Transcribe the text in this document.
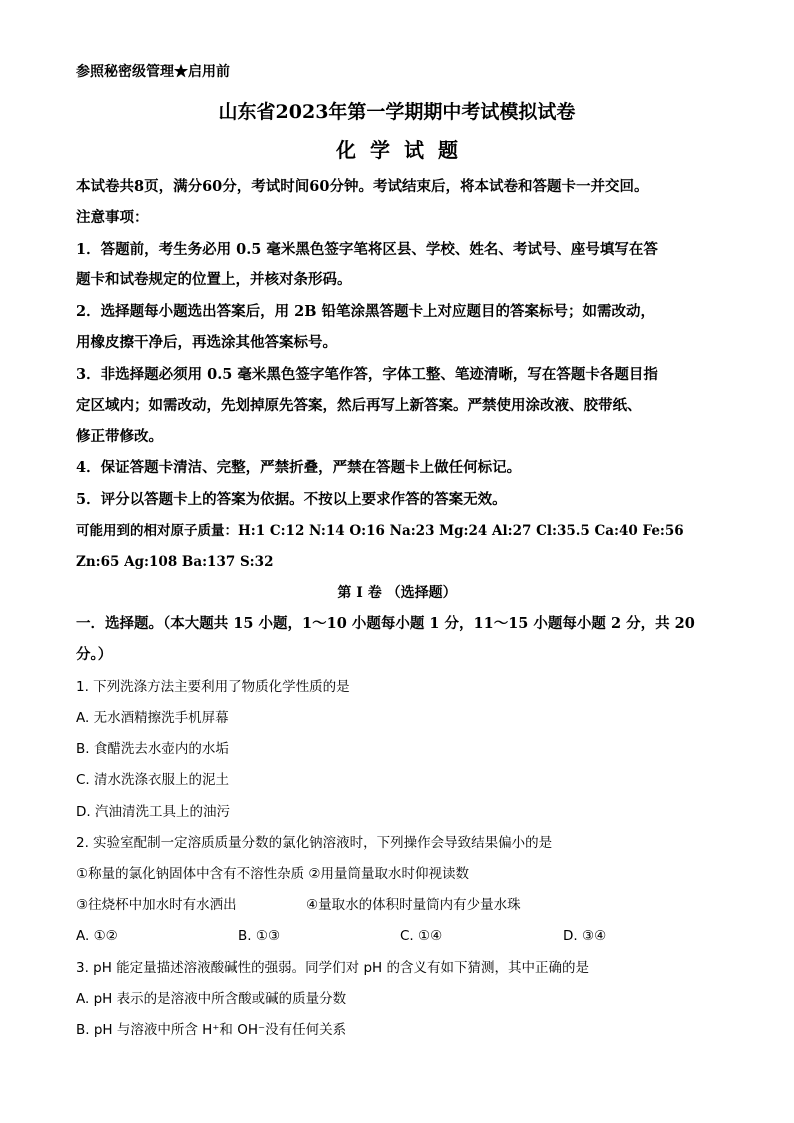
参照秘密级管理★启用前
山东省2023年第一学期期中考试模拟试卷
化学试题
本试卷共8页，满分60分，考试时间60分钟。考试结束后，将本试卷和答题卡一并交回。
注意事项：
1．答题前，考生务必用 0.5 毫米黑色签字笔将区县、学校、姓名、考试号、座号填写在答
题卡和试卷规定的位置上，并核对条形码。
2．选择题每小题选出答案后，用 2B 铅笔涂黑答题卡上对应题目的答案标号；如需改动，
用橡皮擦干净后，再选涂其他答案标号。
3．非选择题必须用 0.5 毫米黑色签字笔作答，字体工整、笔迹清晰，写在答题卡各题目指
定区域内；如需改动，先划掉原先答案，然后再写上新答案。严禁使用涂改液、胶带纸、
修正带修改。
4．保证答题卡清洁、完整，严禁折叠，严禁在答题卡上做任何标记。
5．评分以答题卡上的答案为依据。不按以上要求作答的答案无效。
可能用到的相对原子质量：H:1 C:12 N:14 O:16 Na:23 Mg:24 Al:27 Cl:35.5 Ca:40 Fe:56
Zn:65 Ag:108 Ba:137 S:32
第 I 卷 （选择题）
一．选择题。（本大题共 15 小题，1～10 小题每小题 1 分，11～15 小题每小题 2 分，共 20
分。）
1. 下列洗涤方法主要利用了物质化学性质的是
A. 无水酒精擦洗手机屏幕
B. 食醋洗去水壶内的水垢
C. 清水洗涤衣服上的泥土
D. 汽油清洗工具上的油污
2. 实验室配制一定溶质质量分数的氯化钠溶液时，下列操作会导致结果偏小的是
①称量的氯化钠固体中含有不溶性杂质 ②用量筒量取水时仰视读数
③往烧杯中加水时有水洒出	④量取水的体积时量筒内有少量水珠
A. ①②	B. ①③	C. ①④	D. ③④
3. pH 能定量描述溶液酸碱性的强弱。同学们对 pH 的含义有如下猜测，其中正确的是
A. pH 表示的是溶液中所含酸或碱的质量分数
B. pH 与溶液中所含 H⁺和 OH⁻没有任何关系
